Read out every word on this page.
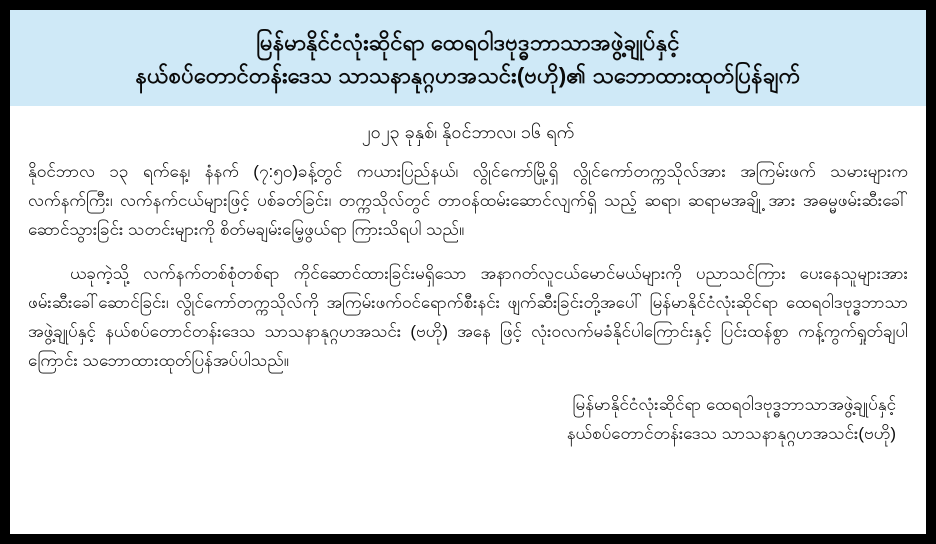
မြန်မာနိုင်ငံလုံးဆိုင်ရာ ထေရဝါဒဗုဒ္ဓဘာသာအဖွဲ့ချုပ်နှင့်
နယ်စပ်တောင်တန်းဒေသ သာသနာနုဂ္ဂဟအသင်း(ဗဟို)၏ သဘောထားထုတ်ပြန်ချက်
၂၀၂၃ ခုနှစ်၊ နိုဝင်ဘာလ၊ ၁၆ ရက်

နိုဝင်ဘာလ ၁၃ ရက်နေ့၊ နံနက် (၇:၅၀)ခန့်တွင် ကယားပြည်နယ်၊ လွိုင်ကော်မြို့ရှိ လွိုင်ကော်တက္ကသိုလ်အား အကြမ်းဖက် သမားများက လက်နက်ကြီး၊ လက်နက်ငယ်များဖြင့် ပစ်ခတ်ခြင်း၊ တက္ကသိုလ်တွင် တာဝန်ထမ်းဆောင်လျက်ရှိ သည့် ဆရာ၊ ဆရာမအချို့ အား အဓမ္မဖမ်းဆီးခေါ်ဆောင်သွားခြင်း သတင်းများကို စိတ်မချမ်းမြေ့ဖွယ်ရာ ကြားသိရပါ သည်။

ယခုကဲ့သို့ လက်နက်တစ်စုံတစ်ရာ ကိုင်ဆောင်ထားခြင်းမရှိသော အနာဂတ်လူငယ်မောင်မယ်များကို ပညာသင်ကြား ပေးနေသူများအား ဖမ်းဆီးခေါ်ဆောင်ခြင်း၊ လွိုင်ကော်တက္ကသိုလ်ကို အကြမ်းဖက်ဝင်ရောက်စီးနင်း ဖျက်ဆီးခြင်းတို့အပေါ် မြန်မာနိုင်ငံလုံးဆိုင်ရာ ထေရဝါဒဗုဒ္ဓဘာသာအဖွဲ့ချုပ်နှင့် နယ်စပ်တောင်တန်းဒေသ သာသနာနုဂ္ဂဟအသင်း (ဗဟို) အနေ ဖြင့် လုံးဝလက်မခံနိုင်ပါကြောင်းနှင့် ပြင်းထန်စွာ ကန့်ကွက်ရှုတ်ချပါကြောင်း သဘောထားထုတ်ပြန်အပ်ပါသည်။

မြန်မာနိုင်ငံလုံးဆိုင်ရာ ထေရဝါဒဗုဒ္ဓဘာသာအဖွဲ့ချုပ်နှင့်
နယ်စပ်တောင်တန်းဒေသ သာသနာနုဂ္ဂဟအသင်း(ဗဟို)
